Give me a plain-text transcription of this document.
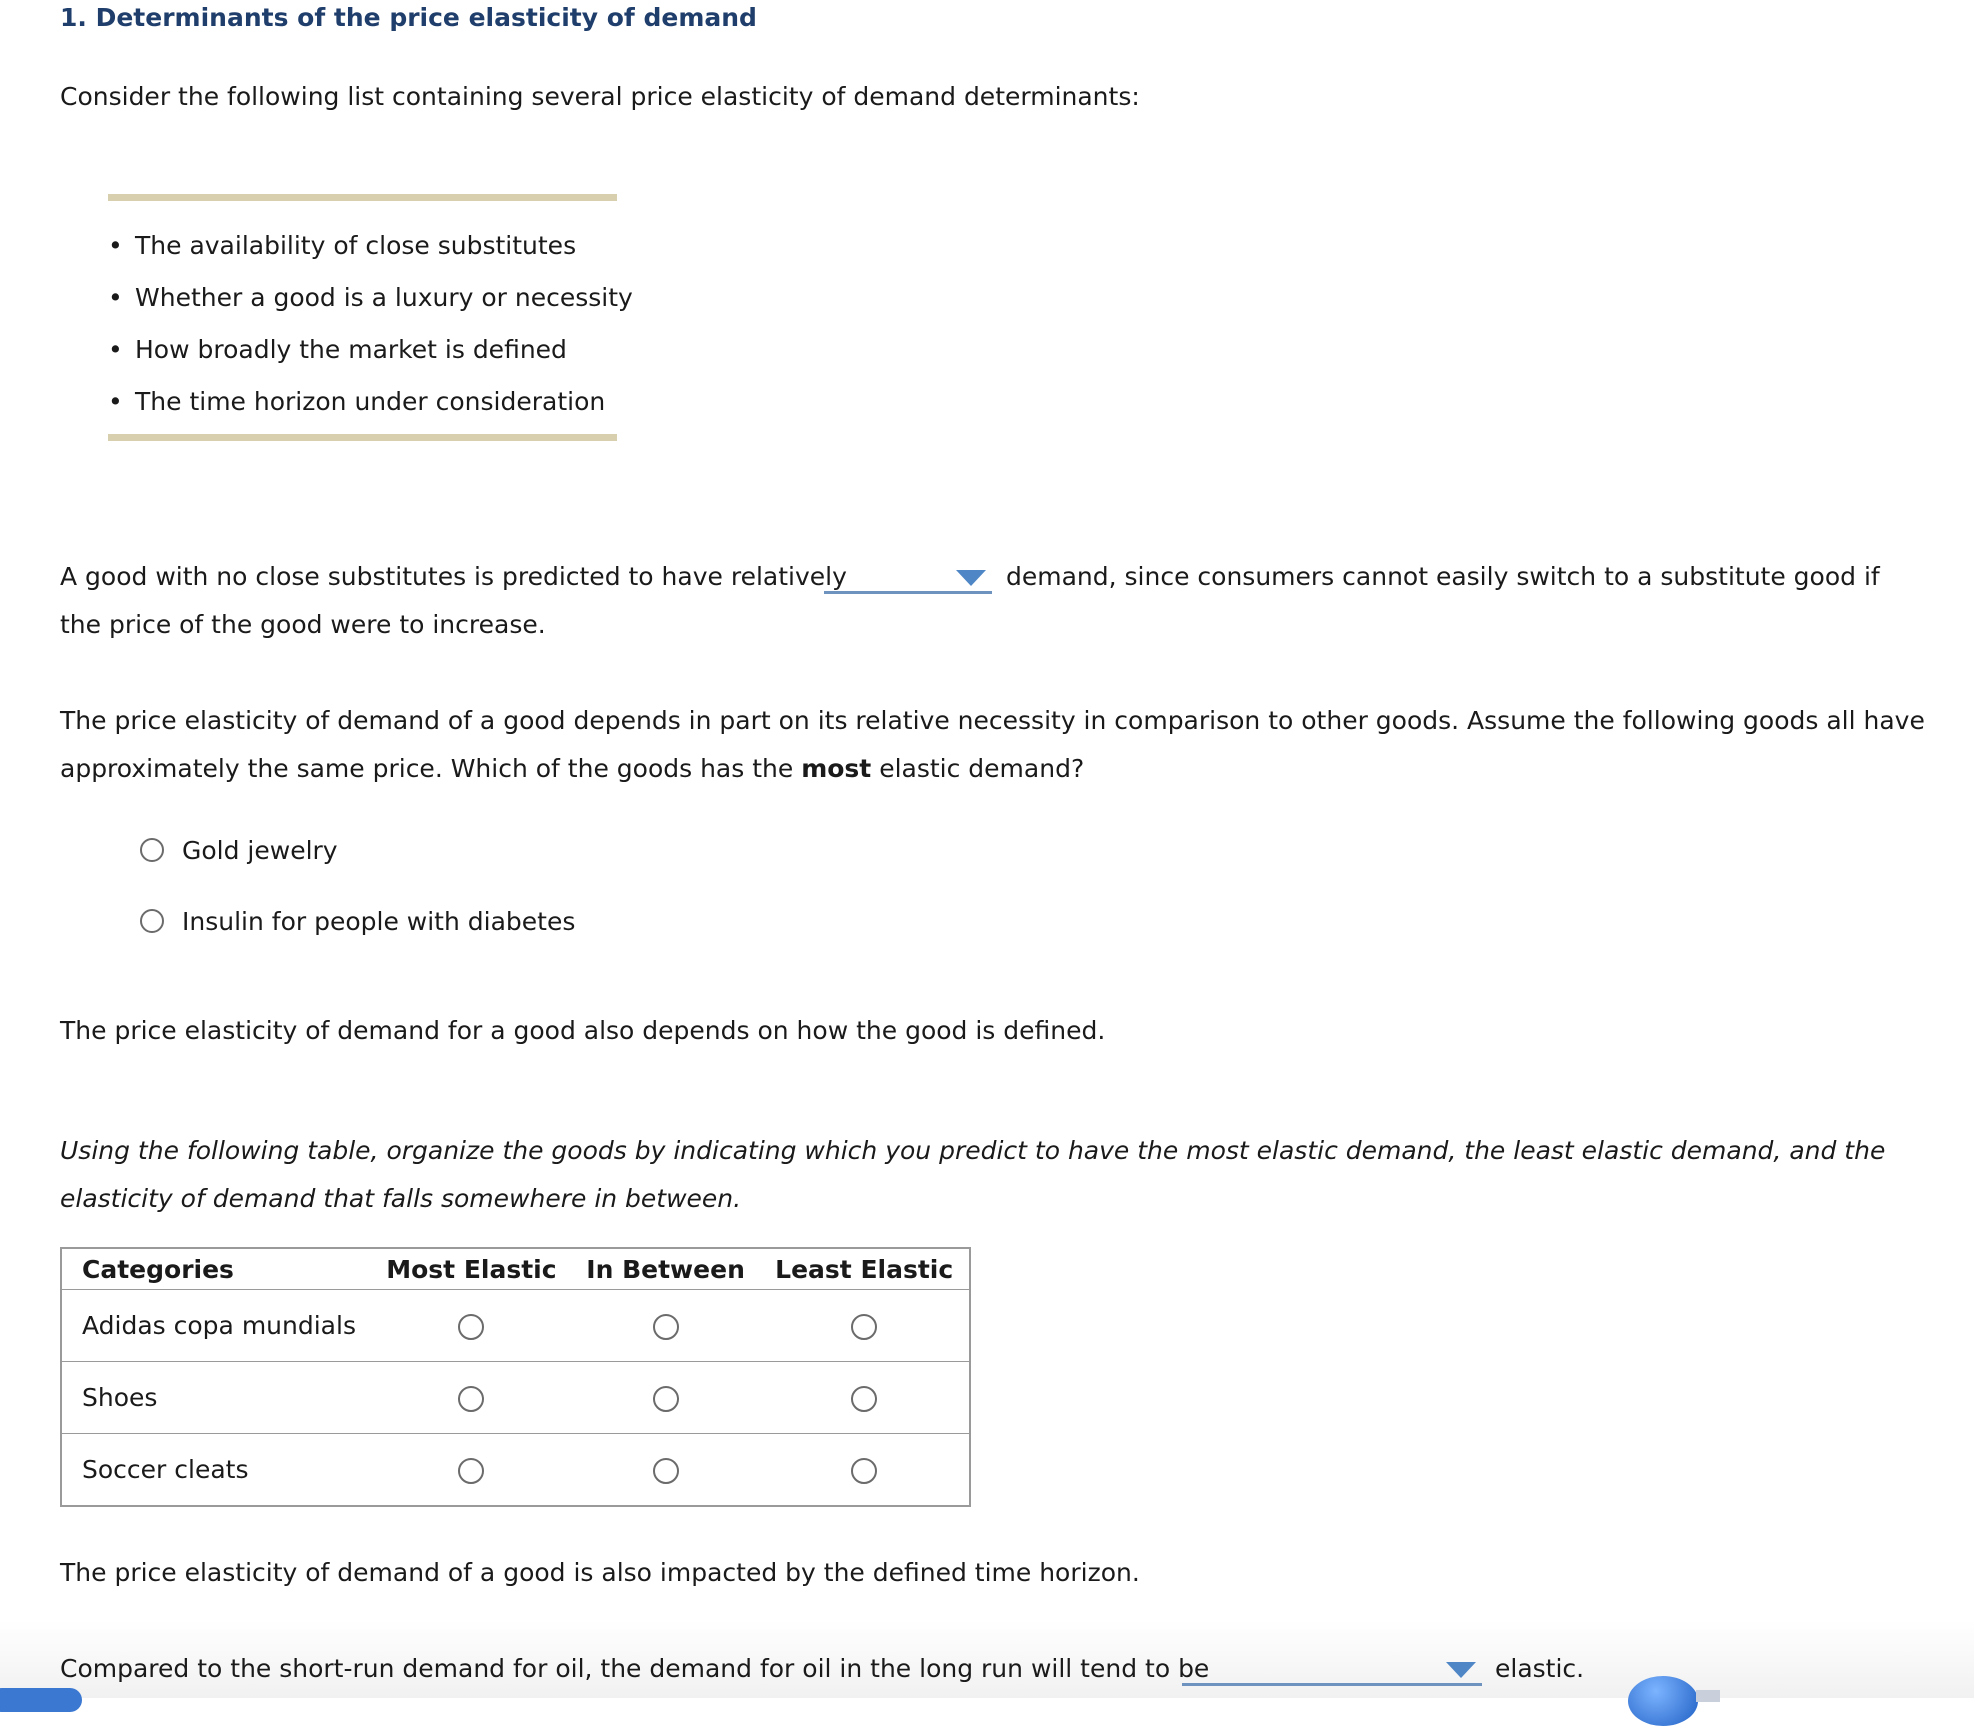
1. Determinants of the price elasticity of demand
Consider the following list containing several price elasticity of demand determinants:
• The availability of close substitutes
• Whether a good is a luxury or necessity
• How broadly the market is defined
• The time horizon under consideration
A good with no close substitutes is predicted to have relatively	demand, since consumers cannot easily switch to a substitute good if
the price of the good were to increase.
The price elasticity of demand of a good depends in part on its relative necessity in comparison to other goods. Assume the following goods all have
approximately the same price. Which of the goods has the most elastic demand?
Gold jewelry
Insulin for people with diabetes
The price elasticity of demand for a good also depends on how the good is defined.
Using the following table, organize the goods by indicating which you predict to have the most elastic demand, the least elastic demand, and the
elasticity of demand that falls somewhere in between.
Categories	Most Elastic	In Between	Least Elastic
Adidas copa mundials			
Shoes			
Soccer cleats			
The price elasticity of demand of a good is also impacted by the defined time horizon.
Compared to the short-run demand for oil, the demand for oil in the long run will tend to be	elastic.
